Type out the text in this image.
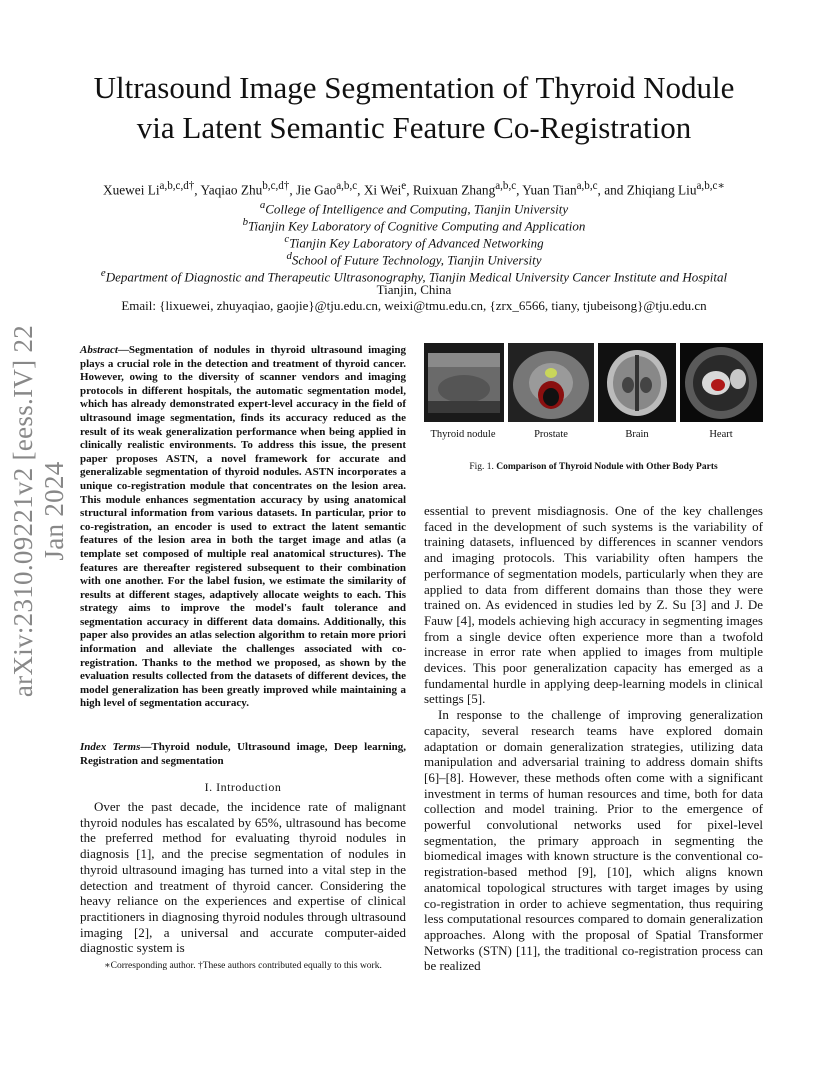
Ultrasound Image Segmentation of Thyroid Nodule
via Latent Semantic Feature Co-Registration
Xuewei $Li^{a,b,c,d\dagger}$, Yaqiao Zhu$^{b,c,d\dagger}$, Jie Gao$^{a,b,c}$, Xi Wei$^e$, Ruixuan Zhang$^{a,b,c}$, Yuan Tian$^{a,b,c}$, and Zhiqiang Liu$^{a,b,c∗}$
$^a$College of Intelligence and Computing, Tianjin University
$^b$Tianjin Key Laboratory of Cognitive Computing and Application
$^c$Tianjin Key Laboratory of Advanced Networking
$^d$School of Future Technology, Tianjin University
$^e$Department of Diagnostic and Therapeutic Ultrasonography, Tianjin Medical University Cancer Institute and Hospital
Tianjin, China
Email: {lixuewei, zhuyaqiao, gaojie}@tju.edu.cn, weixi@tmu.edu.cn, {zrx_6566, tiany, tjubeisong}@tju.edu.cn
arXiv:2310.09221v2 [eess.IV] 22 Jan 2024
Abstract—Segmentation of nodules in thyroid ultrasound imaging plays a crucial role in the detection and treatment of thyroid cancer. However, owing to the diversity of scanner vendors and imaging protocols in different hospitals, the automatic segmentation model, which has already demonstrated expert-level accuracy in the field of ultrasound image segmentation, finds its accuracy reduced as the result of its weak generalization performance when being applied in clinically realistic environments. To address this issue, the present paper proposes ASTN, a novel framework for accurate and generalizable segmentation of thyroid nodules. ASTN incorporates a unique co-registration module that concentrates on the lesion area. This module enhances segmentation accuracy by using anatomical structural information from various datasets. In particular, prior to co-registration, an encoder is used to extract the latent semantic features of the lesion area in both the target image and atlas (a template set composed of multiple real anatomical structures). The features are thereafter registered subsequent to their combination with one another. For the label fusion, we estimate the similarity of results at different stages, adaptively allocate weights to each. This strategy aims to improve the model's fault tolerance and segmentation accuracy in different data domains. Additionally, this paper also provides an atlas selection algorithm to retain more priori information and alleviate the challenges associated with co-registration. Thanks to the method we proposed, as shown by the evaluation results collected from the datasets of different devices, the model generalization has been greatly improved while maintaining a high level of segmentation accuracy.
Index Terms—Thyroid nodule, Ultrasound image, Deep learning, Registration and segmentation
I. Introduction
Over the past decade, the incidence rate of malignant thyroid nodules has escalated by 65%, ultrasound has become the preferred method for evaluating thyroid nodules in diagnosis [1], and the precise segmentation of nodules in thyroid ultrasound imaging has turned into a vital step in the detection and treatment of thyroid cancer. Considering the heavy reliance on the experiences and expertise of clinical practitioners in diagnosing thyroid nodules through ultrasound imaging [2], a universal and accurate computer-aided diagnostic system is
∗Corresponding author. †These authors contributed equally to this work.
Thyroid nodule	Prostate	Brain	Heart
Fig. 1. Comparison of Thyroid Nodule with Other Body Parts
essential to prevent misdiagnosis. One of the key challenges faced in the development of such systems is the variability of training datasets, influenced by differences in scanner vendors and imaging protocols. This variability often hampers the performance of segmentation models, particularly when they are applied to data from different domains than those they were trained on. As evidenced in studies led by Z. Su [3] and J. De Fauw [4], models achieving high accuracy in segmenting images from a single device often experience more than a twofold increase in error rate when applied to images from multiple devices. This poor generalization capacity has emerged as a fundamental hurdle in applying deep-learning models in clinical settings [5].
In response to the challenge of improving generalization capacity, several research teams have explored domain adaptation or domain generalization strategies, utilizing data manipulation and adversarial training to address domain shifts [6]–[8]. However, these methods often come with a significant investment in terms of human resources and time, both for data collection and model training. Prior to the emergence of powerful convolutional networks used for pixel-level segmentation, the primary approach in segmenting the biomedical images with known structure is the conventional co-registration-based method [9], [10], which aligns known anatomical topological structures with target images by using co-registration in order to achieve segmentation, thus requiring less computational resources compared to domain generalization approaches. Along with the proposal of Spatial Transformer Networks (STN) [11], the traditional co-registration process can be realized
